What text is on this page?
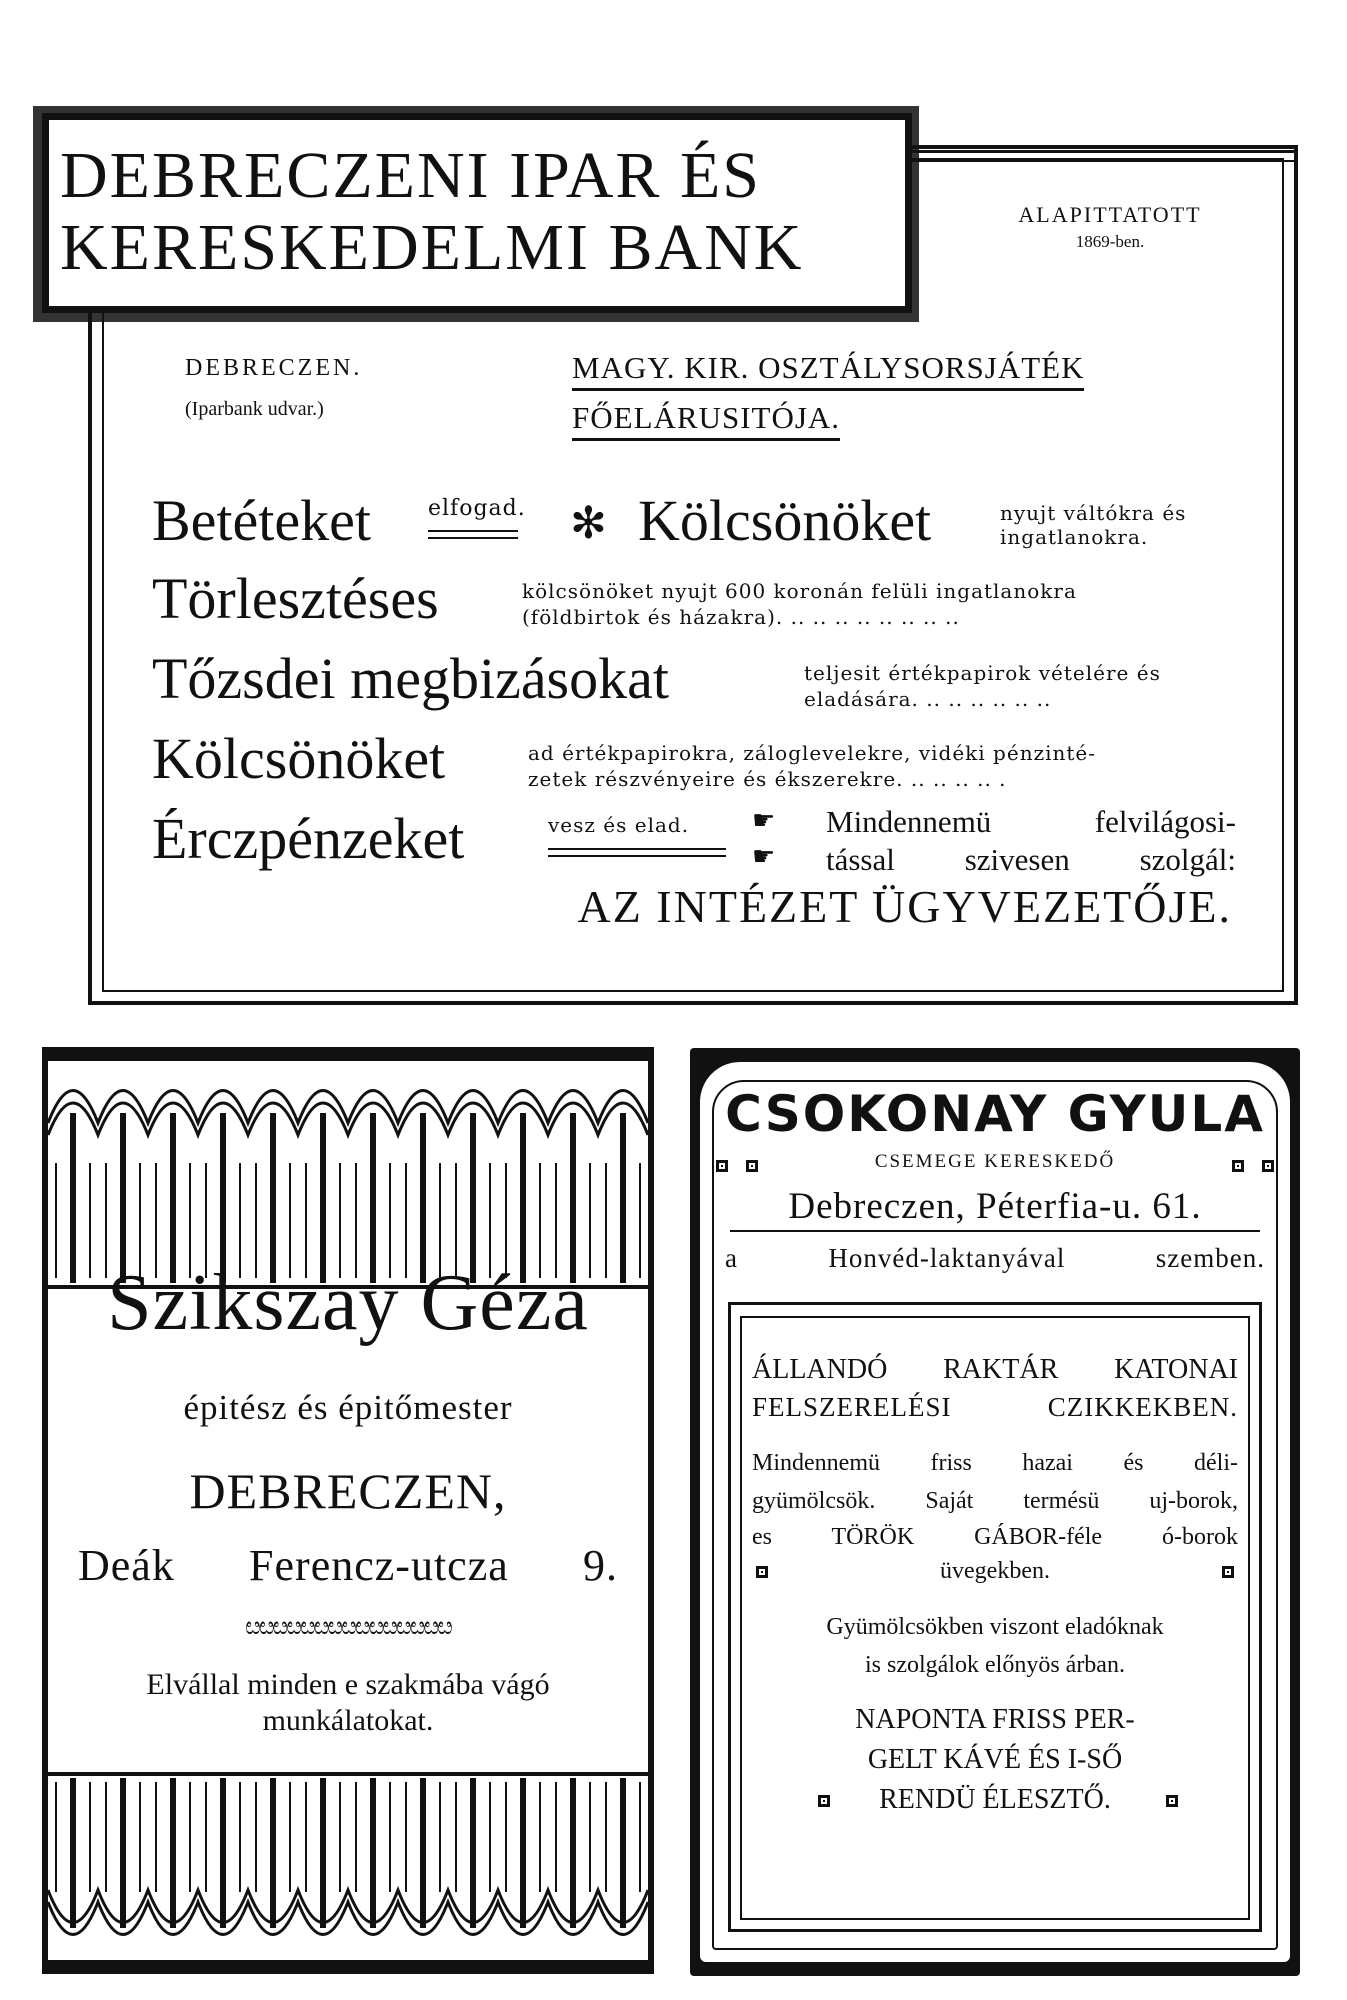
DEBRECZENI IPAR ÉS
KERESKEDELMI BANK	ALAPITTATOTT
1869-ben.
DEBRECZEN.
(Iparbank udvar.)
MAGY. KIR. OSZTÁLYSORSJÁTÉK
FŐELÁRUSITÓJA.
Betéteket	elfogad. ✻ Kölcsönöket	nyujt váltókra és
ingatlanokra.
Törlesztéses	kölcsönöket nyujt 600 koronán felüli ingatlanokra
(földbirtok és házakra). .. .. .. .. .. .. .. ..
Tőzsdei megbizásokat	teljesit értékpapirok vételére és
eladására. .. .. .. .. .. ..
Kölcsönöket	ad értékpapirokra, záloglevelekre, vidéki pénzinté-
zetek részvényeire és ékszerekre. .. .. .. .. .
Érczpénzeket	vesz és elad. ☛
☛
Mindennemü felvilágosi-
tással szivesen szolgál:
AZ INTÉZET ÜGYVEZETŐJE.
Szikszay Géza
épitész és épitőmester
DEBRECZEN,
Deák Ferencz-utcza 9.
ೞೞೞೞೞೞೞೞೞೞೞೞೞೞೞ
Elvállal minden e szakmába vágó
munkálatokat.
CSOKONAY GYULA
CSEMEGE KERESKEDŐ
Debreczen, Péterfia-u. 61.
a Honvéd-laktanyával szemben.
ÁLLANDÓ RAKTÁR KATONAI
FELSZERELÉSI CZIKKEKBEN.
Mindennemü friss hazai és déli-
gyümölcsök. Saját termésü uj-borok,
es TÖRÖK GÁBOR-féle ó-borok
üvegekben.
Gyümölcsökben viszont eladóknak
is szolgálok előnyös árban.
NAPONTA FRISS PER-
GELT KÁVÉ ÉS I-SŐ
RENDÜ ÉLESZTŐ.
